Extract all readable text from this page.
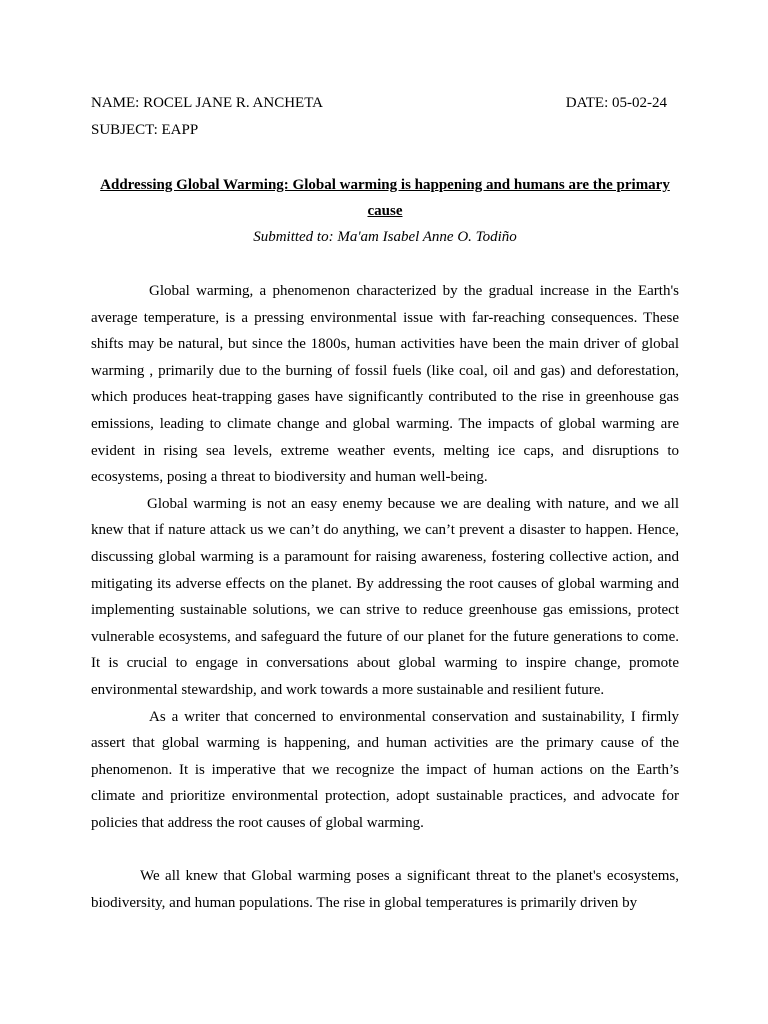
NAME: ROCEL JANE R. ANCHETA	DATE: 05-02-24
SUBJECT: EAPP
Addressing Global Warming: Global warming is happening and humans are the primary cause
Submitted to: Ma'am Isabel Anne O. Todiño

Global warming, a phenomenon characterized by the gradual increase in the Earth's average temperature, is a pressing environmental issue with far-reaching consequences. These shifts may be natural, but since the 1800s, human activities have been the main driver of global warming , primarily due to the burning of fossil fuels (like coal, oil and gas) and deforestation, which produces heat-trapping gases have significantly contributed to the rise in greenhouse gas emissions, leading to climate change and global warming. The impacts of global warming are evident in rising sea levels, extreme weather events, melting ice caps, and disruptions to ecosystems, posing a threat to biodiversity and human well-being.

Global warming is not an easy enemy because we are dealing with nature, and we all knew that if nature attack us we can’t do anything, we can’t prevent a disaster to happen. Hence, discussing global warming is a paramount for raising awareness, fostering collective action, and mitigating its adverse effects on the planet. By addressing the root causes of global warming and implementing sustainable solutions, we can strive to reduce greenhouse gas emissions, protect vulnerable ecosystems, and safeguard the future of our planet for the future generations to come. It is crucial to engage in conversations about global warming to inspire change, promote environmental stewardship, and work towards a more sustainable and resilient future.

As a writer that concerned to environmental conservation and sustainability, I firmly assert that global warming is happening, and human activities are the primary cause of the phenomenon. It is imperative that we recognize the impact of human actions on the Earth’s climate and prioritize environmental protection, adopt sustainable practices, and advocate for policies that address the root causes of global warming.

We all knew that Global warming poses a significant threat to the planet's ecosystems, biodiversity, and human populations. The rise in global temperatures is primarily driven by
